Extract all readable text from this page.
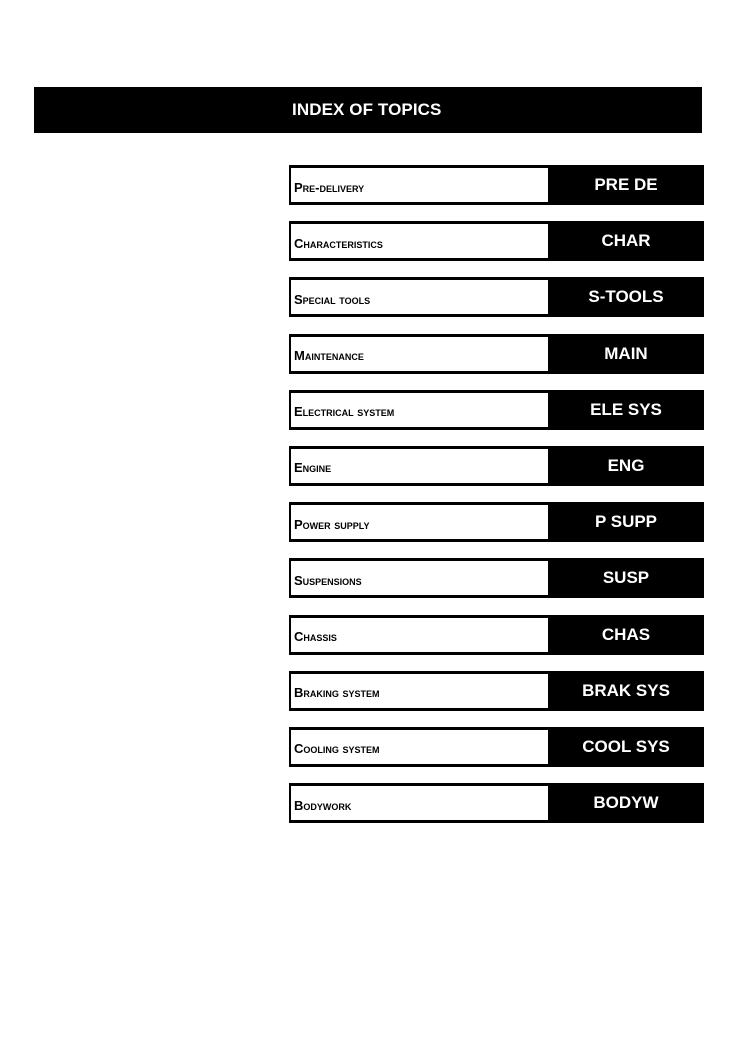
INDEX OF TOPICS
Pre-delivery	PRE DE
Characteristics	CHAR
Special tools	S-TOOLS
Maintenance	MAIN
Electrical system	ELE SYS
Engine	ENG
Power supply	P SUPP
Suspensions	SUSP
Chassis	CHAS
Braking system	BRAK SYS
Cooling system	COOL SYS
Bodywork	BODYW
